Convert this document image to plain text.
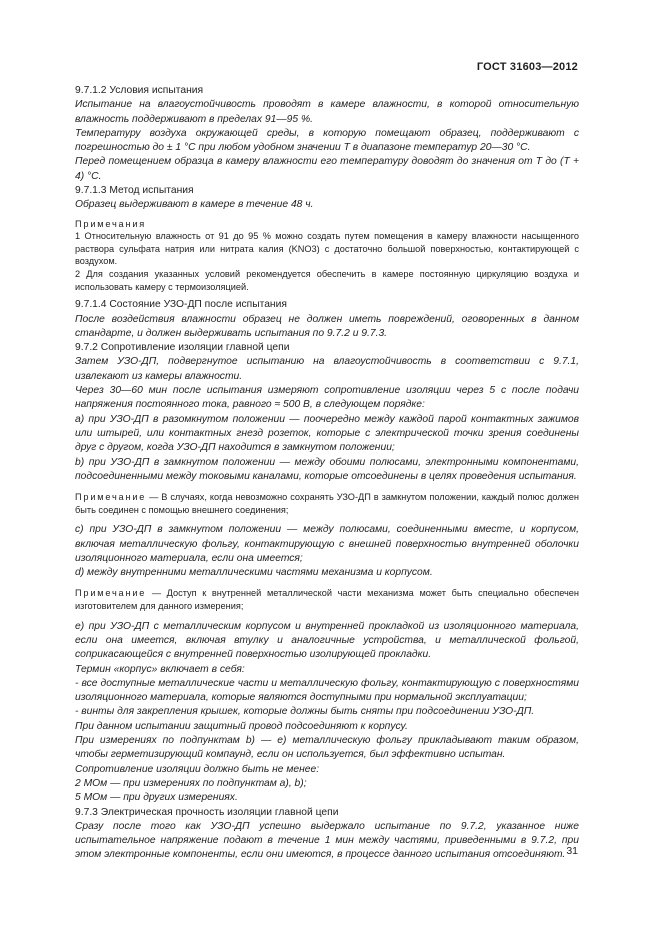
ГОСТ 31603—2012

9.7.1.2 Условия испытания

Испытание на влагоустойчивость проводят в камере влажности, в которой относительную влажность поддерживают в пределах 91—95 %.

Температуру воздуха окружающей среды, в которую помещают образец, поддерживают с погрешностью до ± 1 °С при любом удобном значении T в диапазоне температур 20—30 °С.

Перед помещением образца в камеру влажности его температуру доводят до значения от T до (T + 4) °С.

9.7.1.3 Метод испытания

Образец выдерживают в камере в течение 48 ч.

Примечания

1 Относительную влажность от 91 до 95 % можно создать путем помещения в камеру влажности насыщенного раствора сульфата натрия или нитрата калия (KNO3) с достаточно большой поверхностью, контактирующей с воздухом.

2 Для создания указанных условий рекомендуется обеспечить в камере постоянную циркуляцию воздуха и использовать камеру с термоизоляцией.

9.7.1.4 Состояние УЗО-ДП после испытания

После воздействия влажности образец не должен иметь повреждений, оговоренных в данном стандарте, и должен выдерживать испытания по 9.7.2 и 9.7.3.

9.7.2 Сопротивление изоляции главной цепи

Затем УЗО-ДП, подвергнутое испытанию на влагоустойчивость в соответствии с 9.7.1, извлекают из камеры влажности.

Через 30—60 мин после испытания измеряют сопротивление изоляции через 5 с после подачи напряжения постоянного тока, равного ≈ 500 В, в следующем порядке:

а) при УЗО-ДП в разомкнутом положении — поочередно между каждой парой контактных зажимов или штырей, или контактных гнезд розеток, которые с электрической точки зрения соединены друг с другом, когда УЗО-ДП находится в замкнутом положении;

b) при УЗО-ДП в замкнутом положении — между обоими полюсами, электронными компонентами, подсоединенными между токовыми каналами, которые отсоединены в целях проведения испытания.

Примечание — В случаях, когда невозможно сохранять УЗО-ДП в замкнутом положении, каждый полюс должен быть соединен с помощью внешнего соединения;

c) при УЗО-ДП в замкнутом положении — между полюсами, соединенными вместе, и корпусом, включая металлическую фольгу, контактирующую с внешней поверхностью внутренней оболочки изоляционного материала, если она имеется;

d) между внутренними металлическими частями механизма и корпусом.

Примечание — Доступ к внутренней металлической части механизма может быть специально обеспечен изготовителем для данного измерения;

е) при УЗО-ДП с металлическим корпусом и внутренней прокладкой из изоляционного материала, если она имеется, включая втулку и аналогичные устройства, и металлической фольгой, соприкасающейся с внутренней поверхностью изолирующей прокладки.

Термин «корпус» включает в себя:

- все доступные металлические части и металлическую фольгу, контактирующую с поверхностями изоляционного материала, которые являются доступными при нормальной эксплуатации;

- винты для закрепления крышек, которые должны быть сняты при подсоединении УЗО-ДП.

При данном испытании защитный провод подсоединяют к корпусу.

При измерениях по подпунктам b) — е) металлическую фольгу прикладывают таким образом, чтобы герметизирующий компаунд, если он используется, был эффективно испытан.

Сопротивление изоляции должно быть не менее:

2 МОм — при измерениях по подпунктам а), b);

5 МОм — при других измерениях.

9.7.3 Электрическая прочность изоляции главной цепи

Сразу после того как УЗО-ДП успешно выдержало испытание по 9.7.2, указанное ниже испытательное напряжение подают в течение 1 мин между частями, приведенными в 9.7.2, при этом электронные компоненты, если они имеются, в процессе данного испытания отсоединяют. 31
